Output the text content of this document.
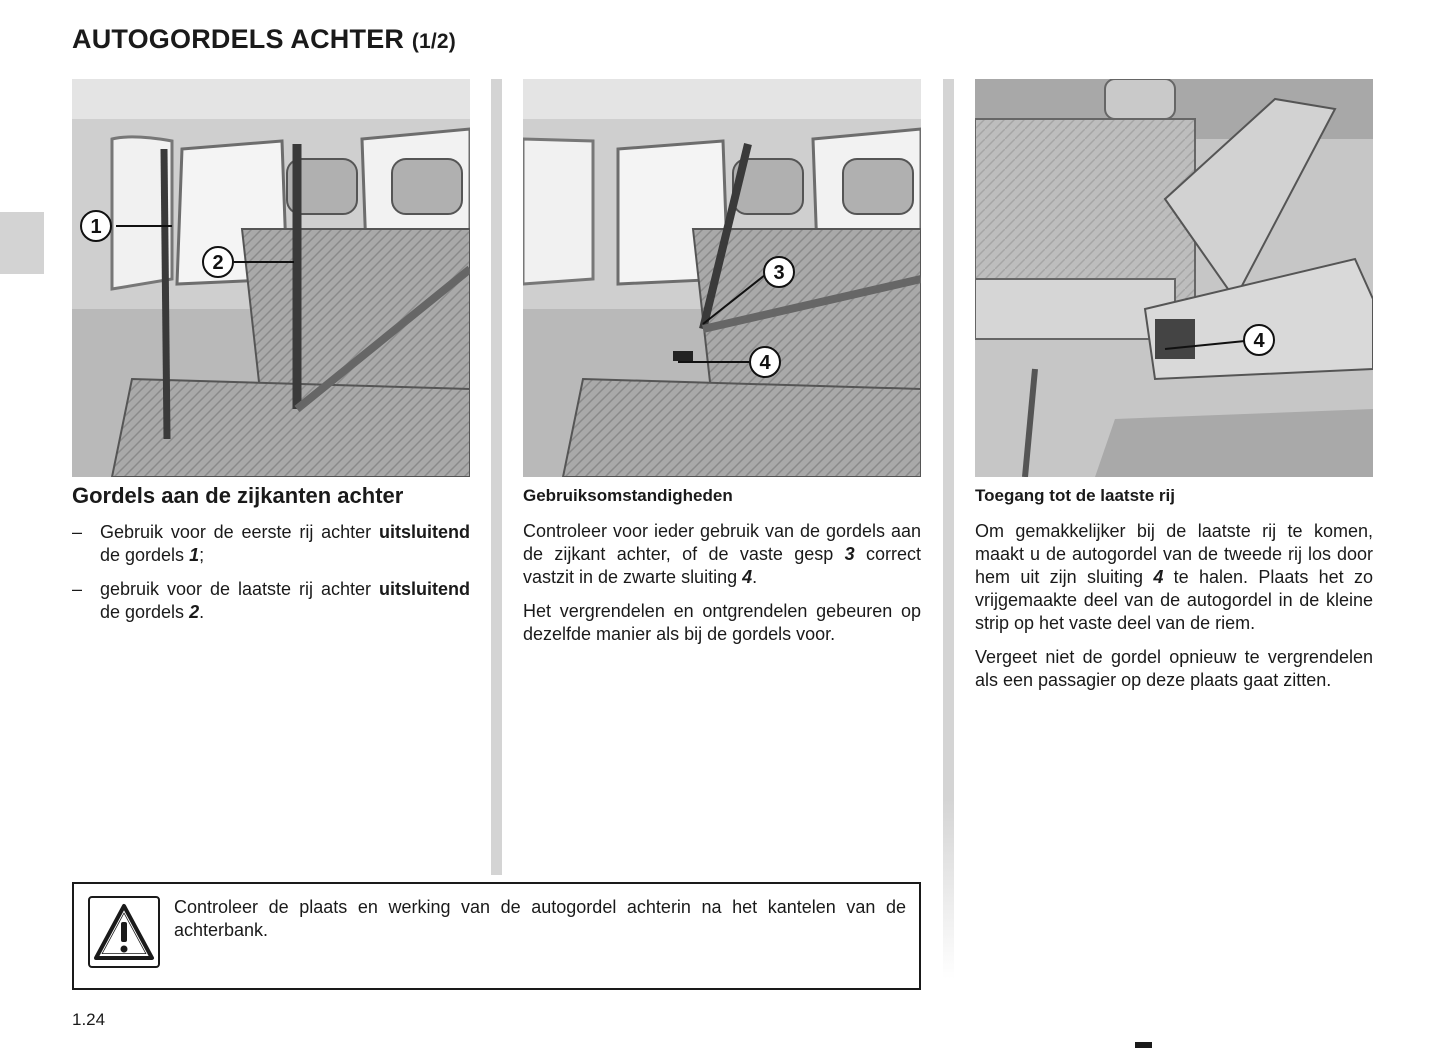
AUTOGORDELS ACHTER (1/2)
1
2	3
4
4
Gordels aan de zijkanten achter
– Gebruik voor de eerste rij achter uitsluitend de gordels 1;
– gebruik voor de laatste rij achter uitsluitend de gordels 2.
Gebruiksomstandigheden

Controleer voor ieder gebruik van de gordels aan de zijkant achter, of de vaste gesp 3 correct vastzit in de zwarte sluiting 4.

Het vergrendelen en ontgrendelen gebeuren op dezelfde manier als bij de gordels voor.

Toegang tot de laatste rij

Om gemakkelijker bij de laatste rij te komen, maakt u de autogordel van de tweede rij los door hem uit zijn sluiting 4 te halen. Plaats het zo vrijgemaakte deel van de autogordel in de kleine strip op het vaste deel van de riem.

Vergeet niet de gordel opnieuw te vergrendelen als een passagier op deze plaats gaat zitten.

Controleer de plaats en werking van de autogordel achterin na het kantelen van de achterbank.

1.24
